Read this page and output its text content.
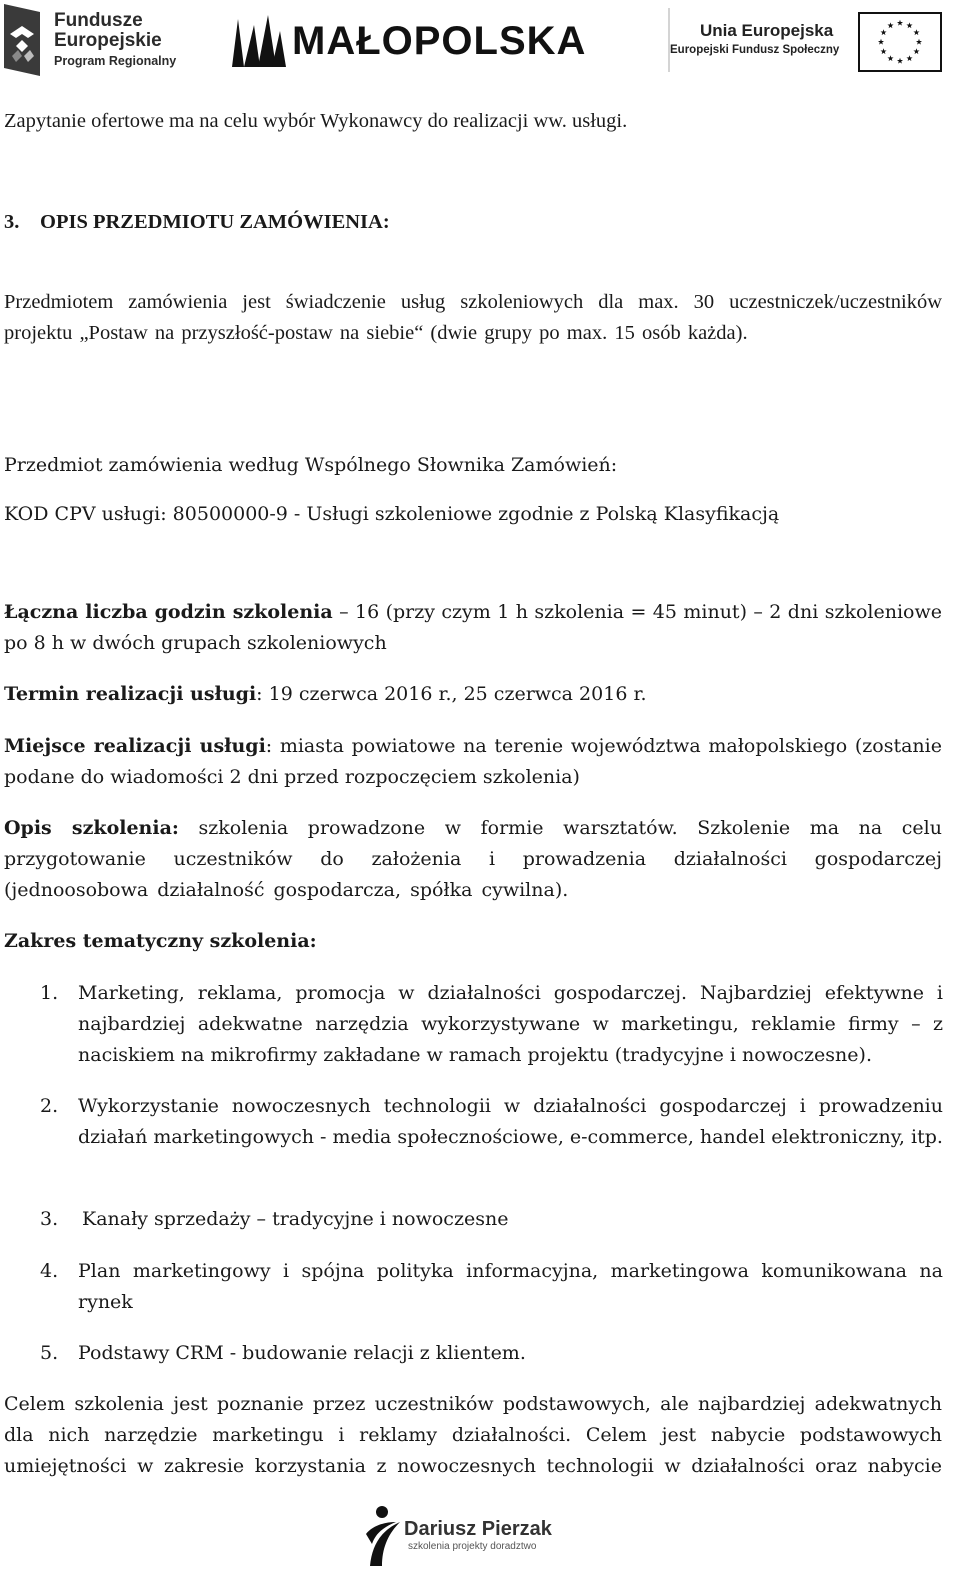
Fundusze
Europejskie
Program Regionalny	MAŁOPOLSKA	Unia Europejska
Europejski Fundusz Społeczny

Zapytanie ofertowe ma na celu wybór Wykonawcy do realizacji ww. usługi.

3. OPIS PRZEDMIOTU ZAMÓWIENIA:

Przedmiotem zamówienia jest świadczenie usług szkoleniowych dla max. 30 uczestniczek/uczestników projektu „Postaw na przyszłość-postaw na siebie“ (dwie grupy po max. 15 osób każda).

Przedmiot zamówienia według Wspólnego Słownika Zamówień:

KOD CPV usługi: 80500000-9 - Usługi szkoleniowe zgodnie z Polską Klasyfikacją

Łączna liczba godzin szkolenia – 16 (przy czym 1 h szkolenia = 45 minut) – 2 dni szkoleniowe po 8 h w dwóch grupach szkoleniowych

Termin realizacji usługi: 19 czerwca 2016 r., 25 czerwca 2016 r.

Miejsce realizacji usługi: miasta powiatowe na terenie województwa małopolskiego (zostanie podane do wiadomości 2 dni przed rozpoczęciem szkolenia)

Opis szkolenia: szkolenia prowadzone w formie warsztatów. Szkolenie ma na celu przygotowanie uczestników do założenia i prowadzenia działalności gospodarczej (jednoosobowa działalność gospodarcza, spółka cywilna).

Zakres tematyczny szkolenia:

1. Marketing, reklama, promocja w działalności gospodarczej. Najbardziej efektywne i najbardziej adekwatne narzędzia wykorzystywane w marketingu, reklamie firmy – z naciskiem na mikrofirmy zakładane w ramach projektu (tradycyjne i nowoczesne).
2. Wykorzystanie nowoczesnych technologii w działalności gospodarczej i prowadzeniu działań marketingowych - media społecznościowe, e-commerce, handel elektroniczny, itp.
3. Kanały sprzedaży – tradycyjne i nowoczesne
4. Plan marketingowy i spójna polityka informacyjna, marketingowa komunikowana na rynek
5. Podstawy CRM - budowanie relacji z klientem.

Celem szkolenia jest poznanie przez uczestników podstawowych, ale najbardziej adekwatnych dla nich narzędzie marketingu i reklamy działalności. Celem jest nabycie podstawowych umiejętności w zakresie korzystania z nowoczesnych technologii w działalności oraz nabycie

Dariusz Pierzak
szkolenia projekty doradztwo
